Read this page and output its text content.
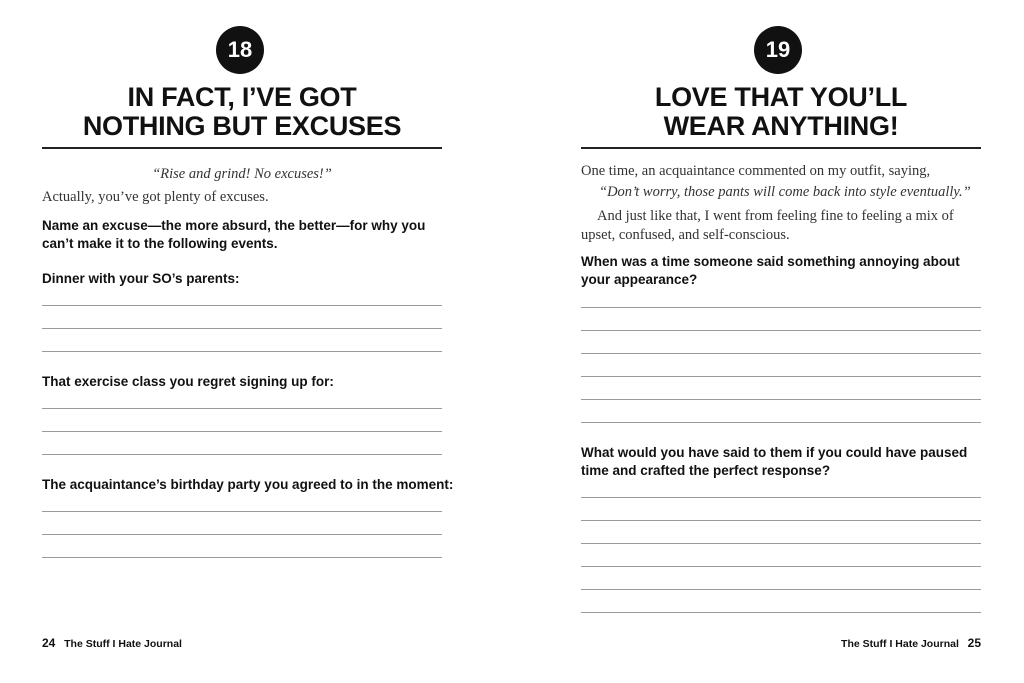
18
IN FACT, I’VE GOT
NOTHING BUT EXCUSES

“Rise and grind! No excuses!”

Actually, you’ve got plenty of excuses.

Name an excuse—the more absurd, the better—for why you can’t make it to the following events.

Dinner with your SO’s parents:

That exercise class you regret signing up for:

The acquaintance’s birthday party you agreed to in the moment:

24 The Stuff I Hate Journal
19
LOVE THAT YOU’LL
WEAR ANYTHING!

One time, an acquaintance commented on my outfit, saying,

“Don’t worry, those pants will come back into style eventually.”

And just like that, I went from feeling fine to feeling a mix of upset, confused, and self-conscious.

When was a time someone said something annoying about your appearance?

What would you have said to them if you could have paused time and crafted the perfect response?

The Stuff I Hate Journal 25
